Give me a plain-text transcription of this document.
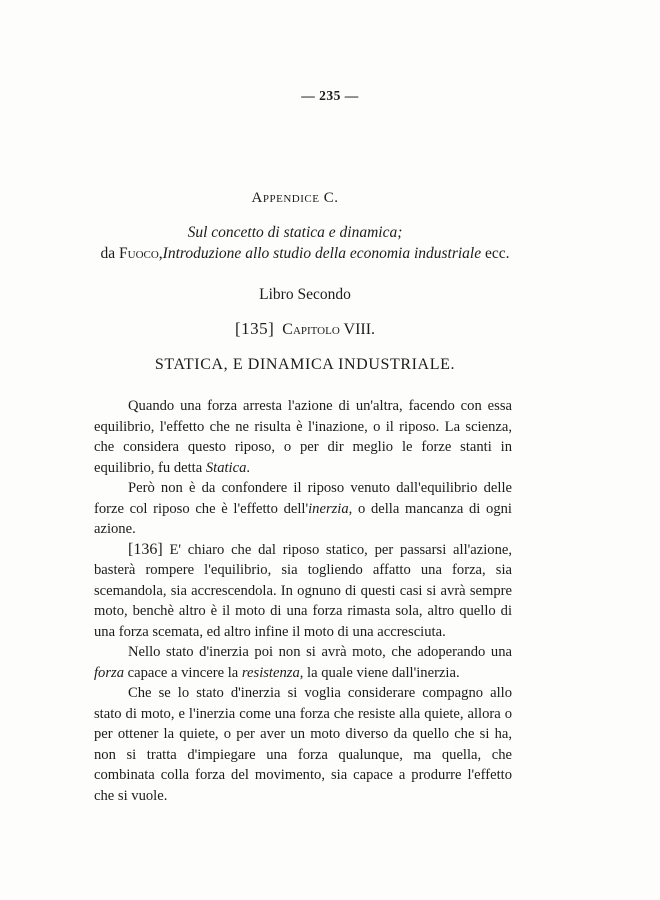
— 235 —
Appendice C.
Sul concetto di statica e dinamica;
da Fuoco,Introduzione allo studio della economia industriale ecc.
Libro Secondo
[135] Capitolo VIII.
STATICA, E DINAMICA INDUSTRIALE.

Quando una forza arresta l'azione di un'altra, facendo con essa equilibrio, l'effetto che ne risulta è l'inazione, o il riposo. La scienza, che considera questo riposo, o per dir meglio le forze stanti in equilibrio, fu detta Statica.

Però non è da confondere il riposo venuto dall'equilibrio delle forze col riposo che è l'effetto dell'inerzia, o della mancanza di ogni azione.

[136] E' chiaro che dal riposo statico, per passarsi all'azione, basterà rompere l'equilibrio, sia togliendo affatto una forza, sia scemandola, sia accrescendola. In ognuno di questi casi si avrà sempre moto, benchè altro è il moto di una forza rimasta sola, altro quello di una forza scemata, ed altro infine il moto di una accresciuta.

Nello stato d'inerzia poi non si avrà moto, che adoperando una forza capace a vincere la resistenza, la quale viene dall'inerzia.

Che se lo stato d'inerzia si voglia considerare compagno allo stato di moto, e l'inerzia come una forza che resiste alla quiete, allora o per ottener la quiete, o per aver un moto diverso da quello che si ha, non si tratta d'impiegare una forza qualunque, ma quella, che combinata colla forza del movimento, sia capace a produrre l'effetto che si vuole.
